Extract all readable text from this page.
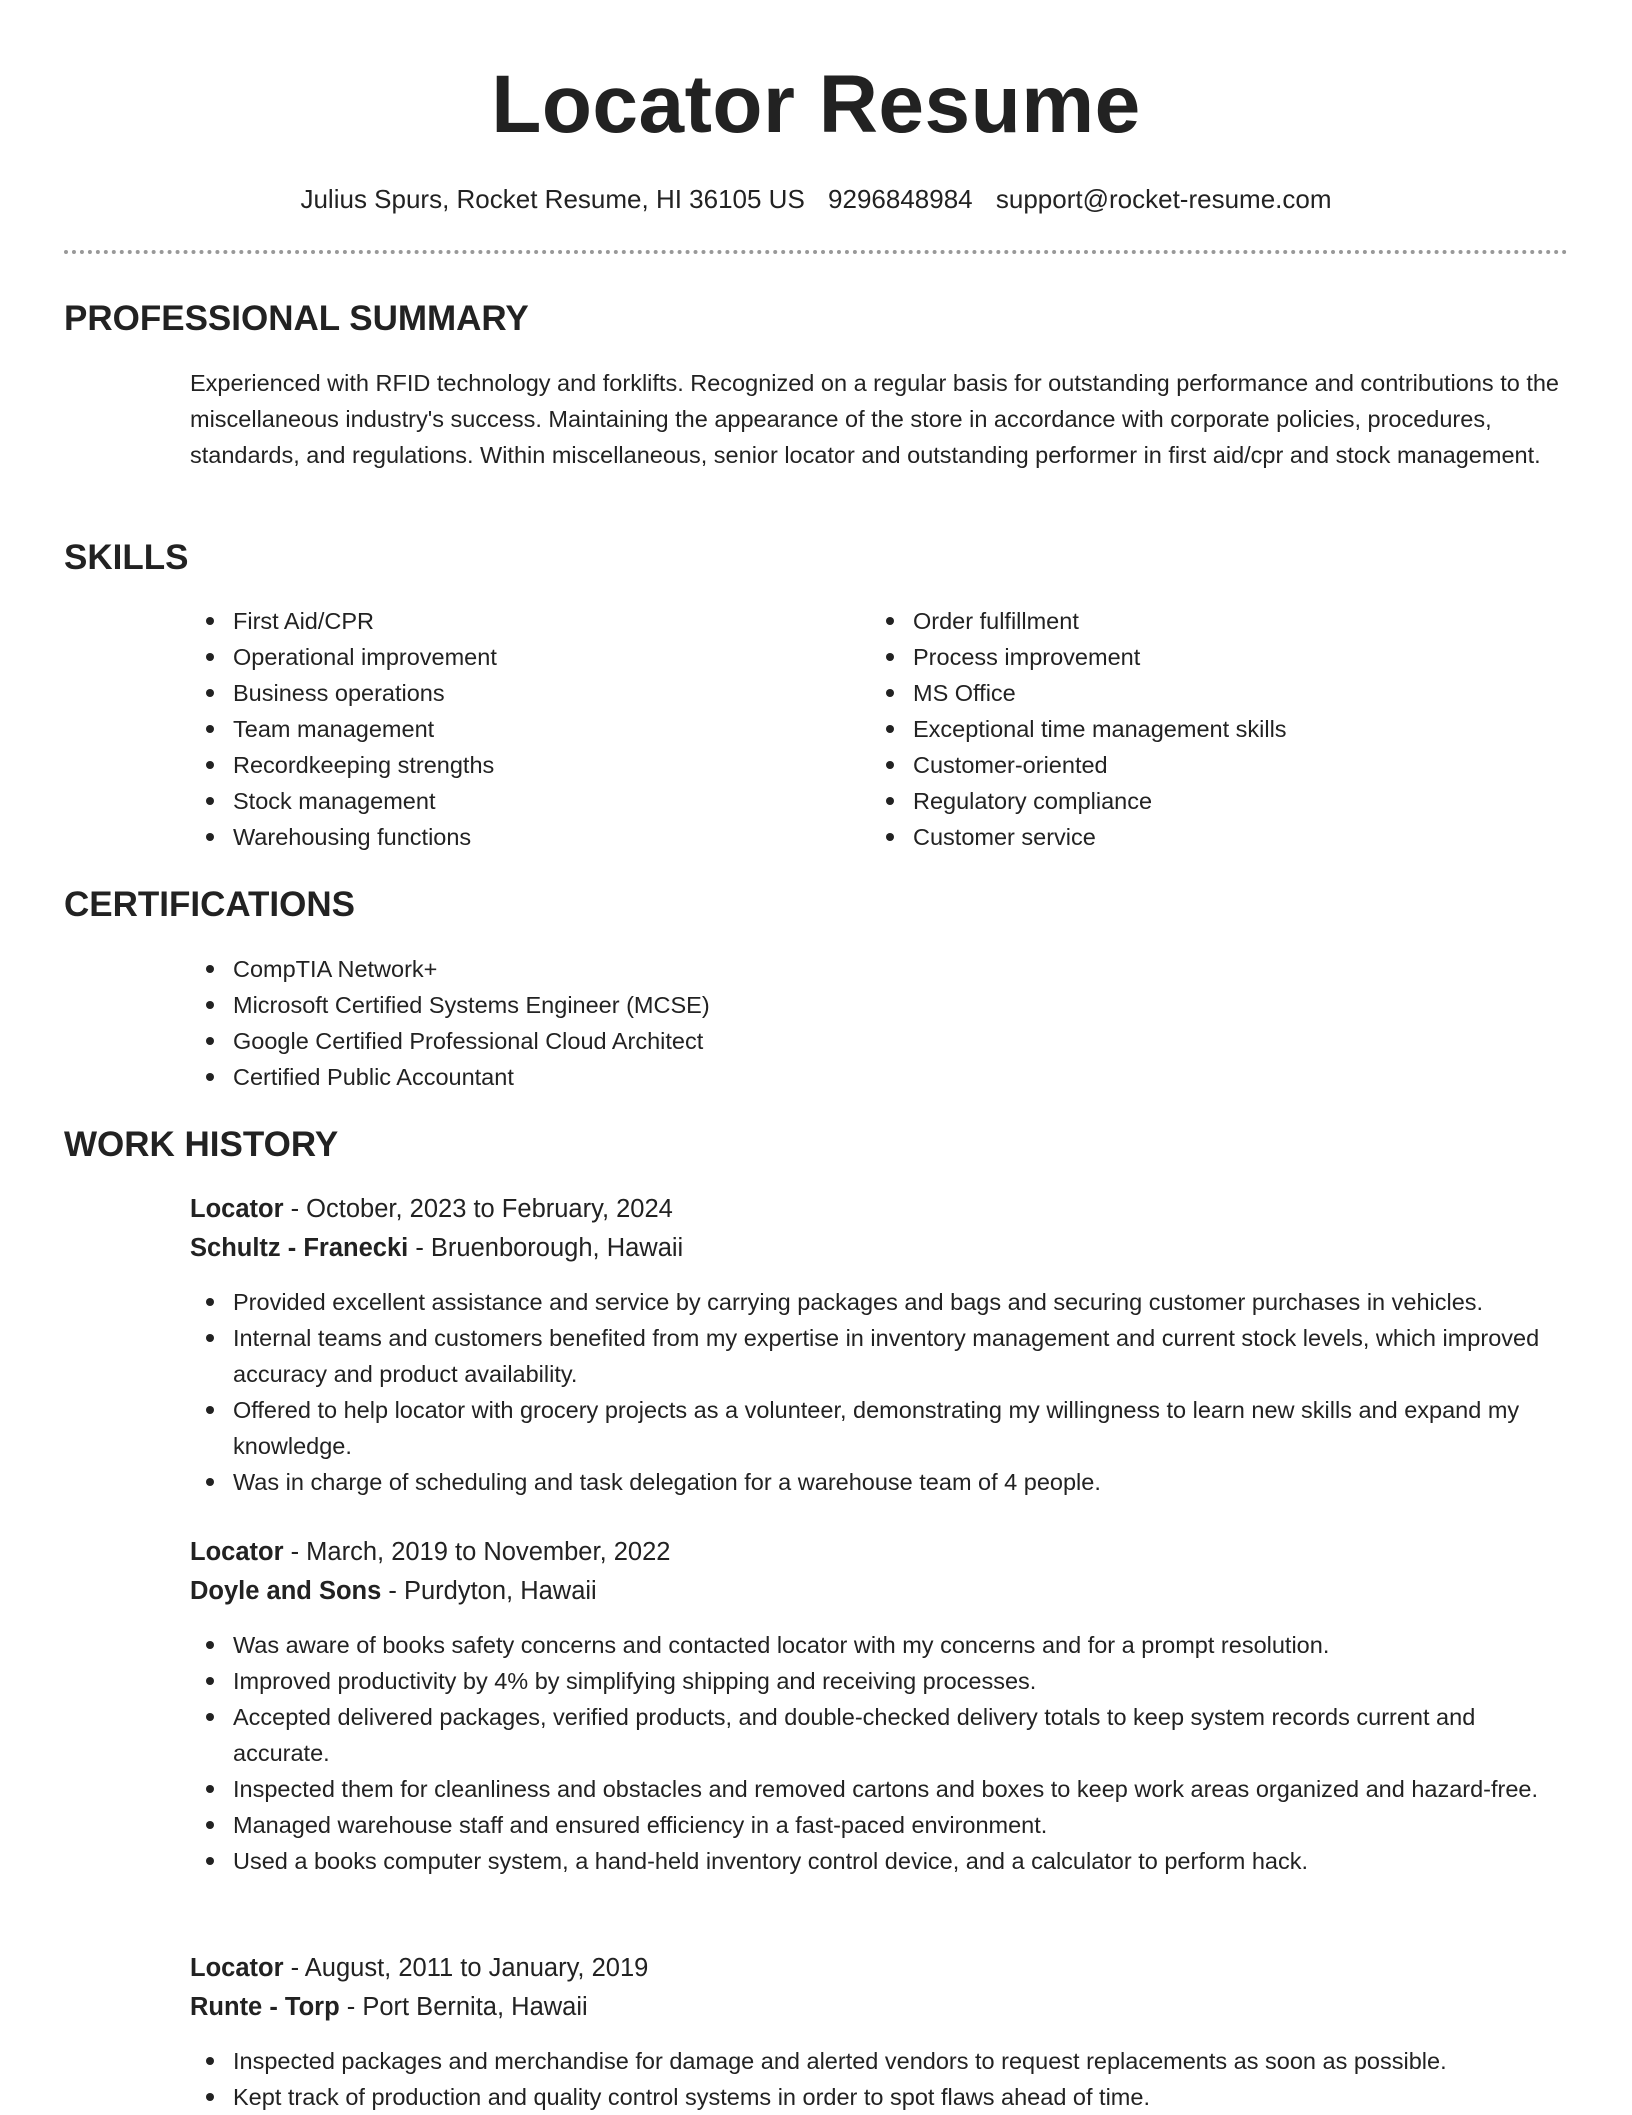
Locator Resume
Julius Spurs, Rocket Resume, HI 36105 US 9296848984 support@rocket-resume.com
PROFESSIONAL SUMMARY

Experienced with RFID technology and forklifts. Recognized on a regular basis for outstanding performance and contributions to the miscellaneous industry's success. Maintaining the appearance of the store in accordance with corporate policies, procedures, standards, and regulations. Within miscellaneous, senior locator and outstanding performer in first aid/cpr and stock management.

SKILLS
First Aid/CPR
Operational improvement
Business operations
Team management
Recordkeeping strengths
Stock management
Warehousing functions
Order fulfillment
Process improvement
MS Office
Exceptional time management skills
Customer-oriented
Regulatory compliance
Customer service
CERTIFICATIONS
CompTIA Network+
Microsoft Certified Systems Engineer (MCSE)
Google Certified Professional Cloud Architect
Certified Public Accountant
WORK HISTORY
Locator - October, 2023 to February, 2024
Schultz - Franecki - Bruenborough, Hawaii
Provided excellent assistance and service by carrying packages and bags and securing customer purchases in vehicles.
Internal teams and customers benefited from my expertise in inventory management and current stock levels, which improved accuracy and product availability.
Offered to help locator with grocery projects as a volunteer, demonstrating my willingness to learn new skills and expand my knowledge.
Was in charge of scheduling and task delegation for a warehouse team of 4 people.
Locator - March, 2019 to November, 2022
Doyle and Sons - Purdyton, Hawaii
Was aware of books safety concerns and contacted locator with my concerns and for a prompt resolution.
Improved productivity by 4% by simplifying shipping and receiving processes.
Accepted delivered packages, verified products, and double-checked delivery totals to keep system records current and accurate.
Inspected them for cleanliness and obstacles and removed cartons and boxes to keep work areas organized and hazard-free.
Managed warehouse staff and ensured efficiency in a fast-paced environment.
Used a books computer system, a hand-held inventory control device, and a calculator to perform hack.
Locator - August, 2011 to January, 2019
Runte - Torp - Port Bernita, Hawaii
Inspected packages and merchandise for damage and alerted vendors to request replacements as soon as possible.
Kept track of production and quality control systems in order to spot flaws ahead of time.
